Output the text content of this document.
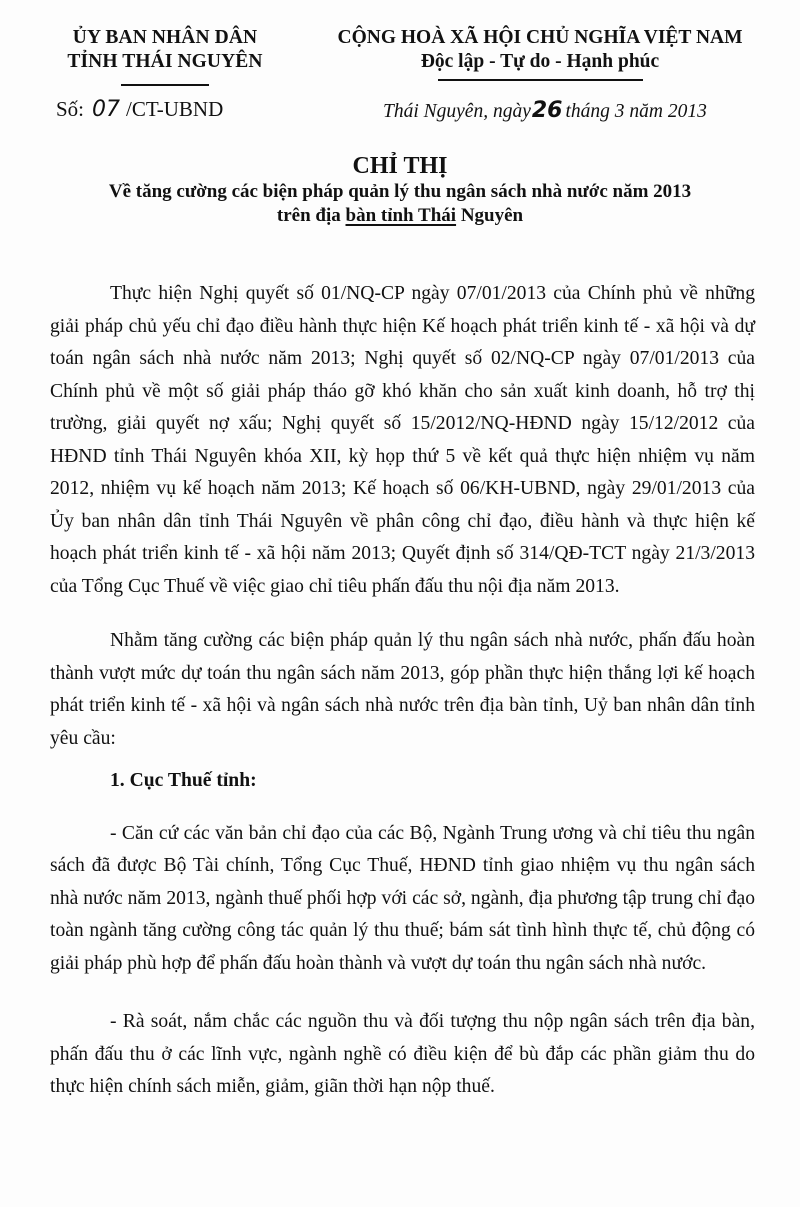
ỦY BAN NHÂN DÂN
TỈNH THÁI NGUYÊN
Số: 07 /CT-UBND
CỘNG HOÀ XÃ HỘI CHỦ NGHĨA VIỆT NAM
Độc lập - Tự do - Hạnh phúc
Thái Nguyên, ngày26 tháng 3 năm 2013
CHỈ THỊ
Về tăng cường các biện pháp quản lý thu ngân sách nhà nước năm 2013
trên địa bàn tỉnh Thái Nguyên

Thực hiện Nghị quyết số 01/NQ-CP ngày 07/01/2013 của Chính phủ về những giải pháp chủ yếu chỉ đạo điều hành thực hiện Kế hoạch phát triển kinh tế - xã hội và dự toán ngân sách nhà nước năm 2013; Nghị quyết số 02/NQ-CP ngày 07/01/2013 của Chính phủ về một số giải pháp tháo gỡ khó khăn cho sản xuất kinh doanh, hỗ trợ thị trường, giải quyết nợ xấu; Nghị quyết số 15/2012/NQ-HĐND ngày 15/12/2012 của HĐND tỉnh Thái Nguyên khóa XII, kỳ họp thứ 5 về kết quả thực hiện nhiệm vụ năm 2012, nhiệm vụ kế hoạch năm 2013; Kế hoạch số 06/KH-UBND, ngày 29/01/2013 của Ủy ban nhân dân tỉnh Thái Nguyên về phân công chỉ đạo, điều hành và thực hiện kế hoạch phát triển kinh tế - xã hội năm 2013; Quyết định số 314/QĐ-TCT ngày 21/3/2013 của Tổng Cục Thuế về việc giao chỉ tiêu phấn đấu thu nội địa năm 2013.

Nhằm tăng cường các biện pháp quản lý thu ngân sách nhà nước, phấn đấu hoàn thành vượt mức dự toán thu ngân sách năm 2013, góp phần thực hiện thắng lợi kế hoạch phát triển kinh tế - xã hội và ngân sách nhà nước trên địa bàn tỉnh, Uỷ ban nhân dân tỉnh yêu cầu:

1. Cục Thuế tỉnh:

- Căn cứ các văn bản chỉ đạo của các Bộ, Ngành Trung ương và chỉ tiêu thu ngân sách đã được Bộ Tài chính, Tổng Cục Thuế, HĐND tỉnh giao nhiệm vụ thu ngân sách nhà nước năm 2013, ngành thuế phối hợp với các sở, ngành, địa phương tập trung chỉ đạo toàn ngành tăng cường công tác quản lý thu thuế; bám sát tình hình thực tế, chủ động có giải pháp phù hợp để phấn đấu hoàn thành và vượt dự toán thu ngân sách nhà nước.

- Rà soát, nắm chắc các nguồn thu và đối tượng thu nộp ngân sách trên địa bàn, phấn đấu thu ở các lĩnh vực, ngành nghề có điều kiện để bù đắp các phần giảm thu do thực hiện chính sách miễn, giảm, giãn thời hạn nộp thuế.
